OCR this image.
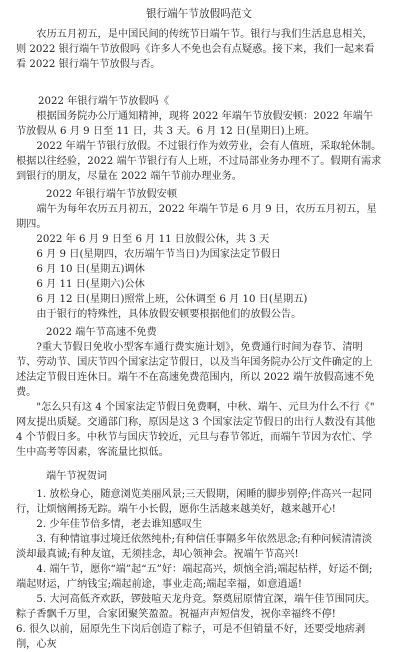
银行端午节放假吗范文

农历五月初五，是中国民间的传统节日端午节。银行与我们生活息息相关，则 2022 银行端午节放假吗《许多人不免也会有点疑惑。接下来，我们一起来看看 2022 银行端午节放假与否。

2022 年银行端午节放假吗《

根据国务院办公厅通知精神，现将 2022 年端午节放假安顿：2022 年端午节放假从 6 月 9 日至 11 日，共 3 天。6 月 12 日(星期日)上班。

2022 年端午节银行放假。不过银行作为效劳业，会有人值班，采取轮休制。根据以往经验，2022 端午节银行有人上班，不过局部业务办理不了。假期有需求到银行的朋友，尽量在 2022 端午节前办理业务。

2022 年银行端午节放假安顿

端午为每年农历五月初五，2022 年端午节是 6 月 9 日，农历五月初五，星期四。

2022 年 6 月 9 日至 6 月 11 日放假公休，共 3 天

6 月 9 日(星期四，农历端午节当日)为国家法定节假日

6 月 10 日(星期五)调休

6 月 11 日(星期六)公休

6 月 12 日(星期日)照常上班，公休调至 6 月 10 日(星期五)

由于银行的特殊性，具体放假安顿要根据他们的放假公告。

2022 端午节高速不免费

?重大节假日免收小型客车通行费实施计划》，免费通行时间为春节、清明节、劳动节、国庆节四个国家法定节假日，以及当年国务院办公厅文件确定的上述法定节假日连休日。端午不在高速免费范围内，所以 2022 端午放假高速不免费。

"怎么只有这 4 个国家法定节假日免费啊，中秋、端午、元旦为什么不行《" 网友提出质疑。交通部门称，原因是这 3 个国家法定节假日的出行人数没有其他 4 个节假日多。中秋节与国庆节较近，元旦与春节邻近，而端午节因为农忙、学生中高考等因素，客流量比拟低。

端午节祝贺词

1. 放松身心，随意浏览美丽风景;三天假期，闲睡的脚步别停;伴高兴一起同行，让烦恼阐扬无踪。端午小长假，愿你生活越来越美好，越来越开心!

2. 少年佳节倍多情，老去谁知感叹生

3. 有种情谊事过境迁依然纯朴;有种信任事隔多年依然思念;有种问候清清淡淡却最真诚;有种友谊，无须挂念，却心领神会。祝端午节高兴!

4. 端午节，愿你“端”起“五”好：端起高兴，烦恼全消;端起枯样，好运不倒;端起财运，广纳钱宝;端起前途，事业走高;端起幸福，如意逍遥!

5. 大河高低齐欢跃，锣鼓喧天龙舟竞。祭奠屈原情宜深，端午佳节围同庆。粽子香飘千万里，合家团聚笑盈盈。祝福声声短信发，祝你幸福终不停!

6. 很久以前，屈原先生下岗后创造了粽子，可是不但销量不好，还要受地痞剥削，心灰
